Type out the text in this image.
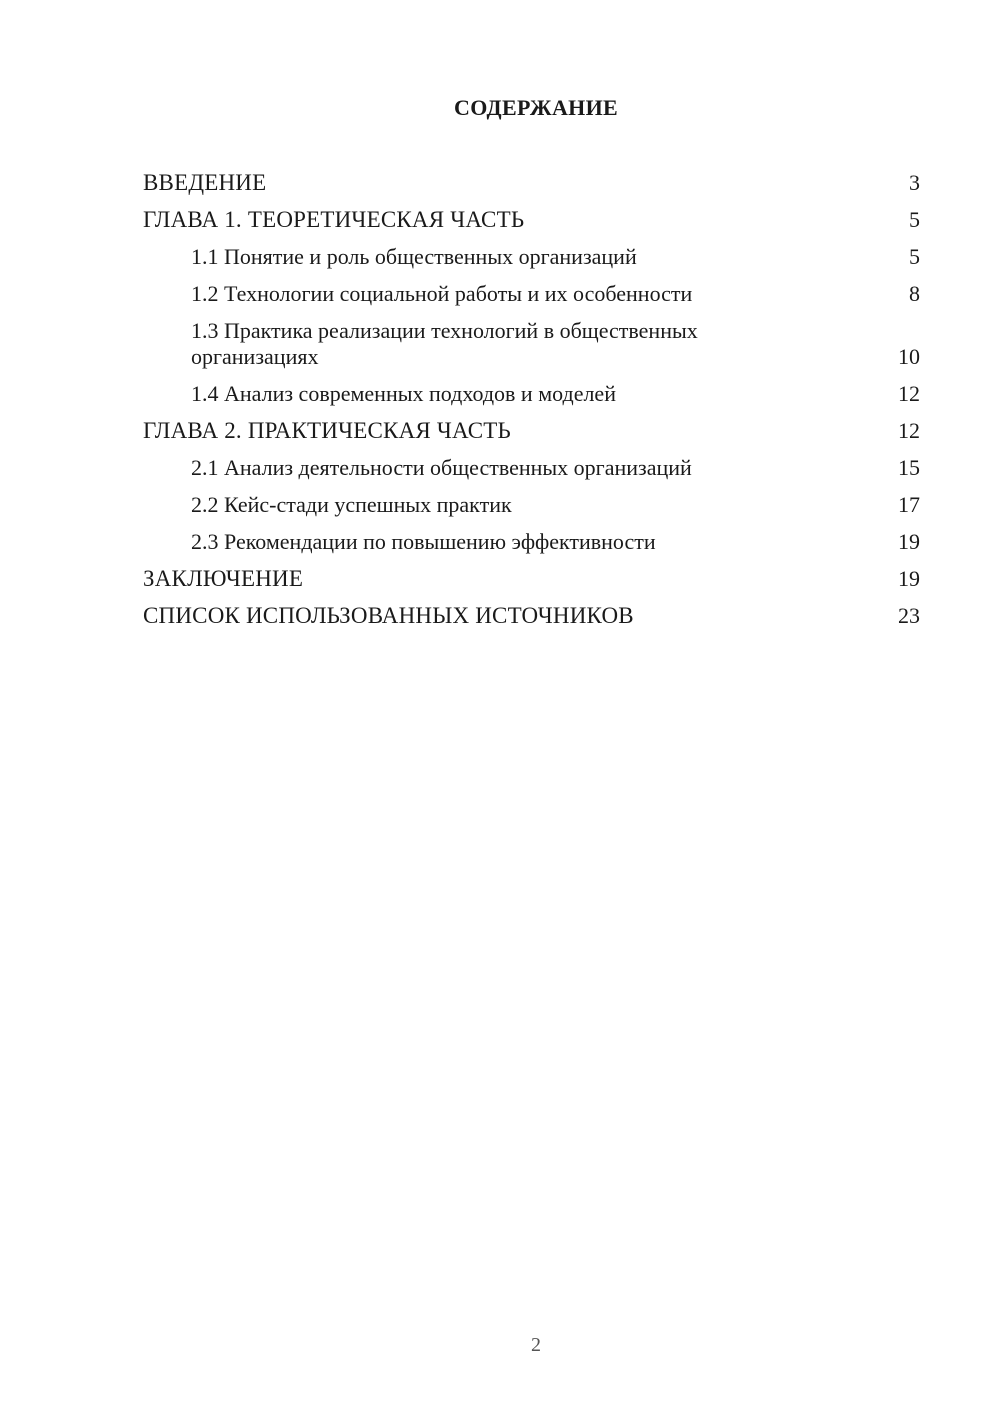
СОДЕРЖАНИЕ
ВВЕДЕНИЕ	3
ГЛАВА 1. ТЕОРЕТИЧЕСКАЯ ЧАСТЬ	5
1.1 Понятие и роль общественных организаций	5
1.2 Технологии социальной работы и их особенности	8
1.3 Практика реализации технологий в общественных организациях	10
1.4 Анализ современных подходов и моделей	12
ГЛАВА 2. ПРАКТИЧЕСКАЯ ЧАСТЬ	12
2.1 Анализ деятельности общественных организаций	15
2.2 Кейс-стади успешных практик	17
2.3 Рекомендации по повышению эффективности	19
ЗАКЛЮЧЕНИЕ	19
СПИСОК ИСПОЛЬЗОВАННЫХ ИСТОЧНИКОВ	23
2
